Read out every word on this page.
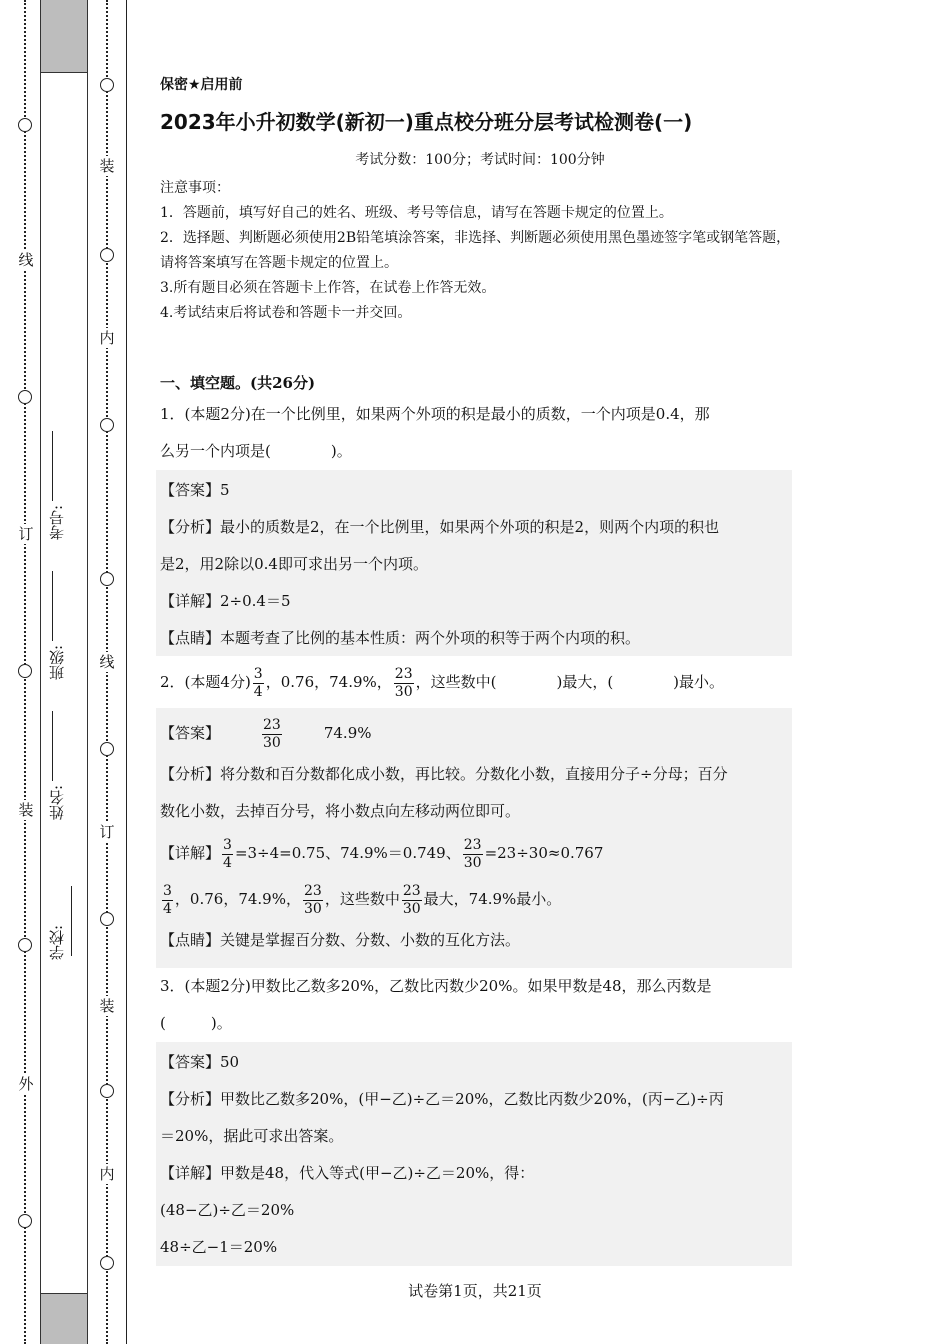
线
订
装
外
学校:
姓名:
班级:
考号:
装
内
线
订
装
内
保密★启用前
2023年小升初数学(新初一)重点校分班分层考试检测卷(一)
考试分数：100分；考试时间：100分钟

注意事项：

1．答题前，填写好自己的姓名、班级、考号等信息，请写在答题卡规定的位置上。

2．选择题、判断题必须使用2B铅笔填涂答案，非选择、判断题必须使用黑色墨迹签字笔或钢笔答题，请将答案填写在答题卡规定的位置上。

3.所有题目必须在答题卡上作答，在试卷上作答无效。

4.考试结束后将试卷和答题卡一并交回。

一、填空题。(共26分)
1．(本题2分)在一个比例里，如果两个外项的积是最小的质数，一个内项是0.4，那
么另一个内项是(　　　　)。
【答案】5
【分析】最小的质数是2，在一个比例里，如果两个外项的积是2，则两个内项的积也
是2，用2除以0.4即可求出另一个内项。
【详解】2÷0.4＝5
【点睛】本题考查了比例的基本性质：两个外项的积等于两个内项的积。
2．(本题4分) $\frac{3}{4}$ ，0.76，74.9%， $\frac{23}{30}$ ，这些数中(　　　　)最大，(　　　　)最小。
【答案】	$\frac{23}{30}$	74.9%
【分析】将分数和百分数都化成小数，再比较。分数化小数，直接用分子÷分母；百分
数化小数，去掉百分号，将小数点向左移动两位即可。
【详解】 $\frac{3}{4} =3\div 4=0.75$、74.9%＝0.749、 $\frac{23}{30} =23\div 30\approx 0.767$
$\frac{3}{4}$ ，0.76，74.9%， $\frac{23}{30}$ ，这些数中 $\frac{23}{30}$ 最大，74.9%最小。
【点睛】关键是掌握百分数、分数、小数的互化方法。
3．(本题2分)甲数比乙数多20%，乙数比丙数少20%。如果甲数是48，那么丙数是
(　　　)。
【答案】50
【分析】甲数比乙数多20%，(甲−乙)÷乙＝20%，乙数比丙数少20%，(丙−乙)÷丙
＝20%，据此可求出答案。
【详解】甲数是48，代入等式(甲−乙)÷乙＝20%，得：
(48−乙)÷乙＝20%
48÷乙−1＝20%
试卷第1页，共21页
